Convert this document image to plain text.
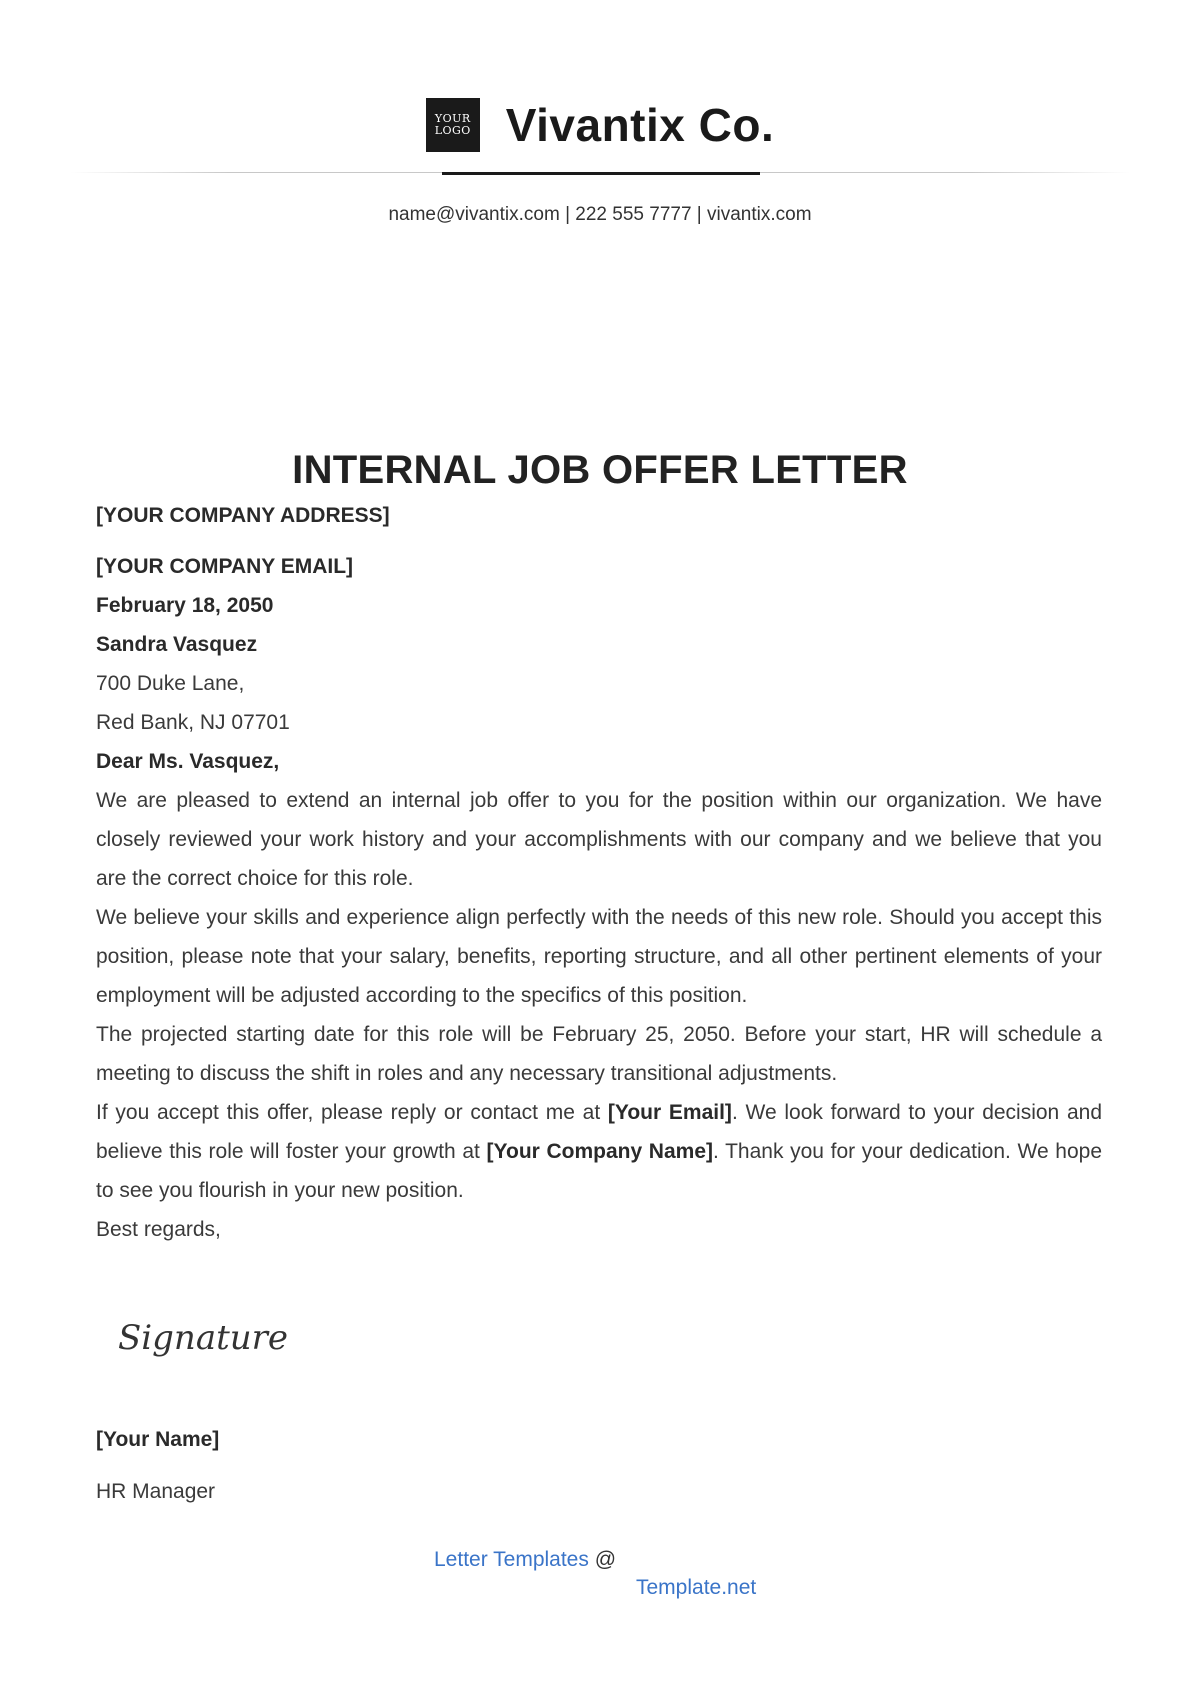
YOUR
LOGO Vivantix Co.
name@vivantix.com | 222 555 7777 | vivantix.com
INTERNAL JOB OFFER LETTER
[YOUR COMPANY ADDRESS]
[YOUR COMPANY EMAIL]
February 18, 2050
Sandra Vasquez
700 Duke Lane,
Red Bank, NJ 07701
Dear Ms. Vasquez,
We are pleased to extend an internal job offer to you for the position within our organization. We have closely reviewed your work history and your accomplishments with our company and we believe that you are the correct choice for this role.
We believe your skills and experience align perfectly with the needs of this new role. Should you accept this position, please note that your salary, benefits, reporting structure, and all other pertinent elements of your employment will be adjusted according to the specifics of this position.
The projected starting date for this role will be February 25, 2050. Before your start, HR will schedule a meeting to discuss the shift in roles and any necessary transitional adjustments.
If you accept this offer, please reply or contact me at [Your Email]. We look forward to your decision and believe this role will foster your growth at [Your Company Name]. Thank you for your dedication. We hope to see you flourish in your new position.
Best regards,
Signature
[Your Name]
HR Manager
Letter Templates @
Template.net
